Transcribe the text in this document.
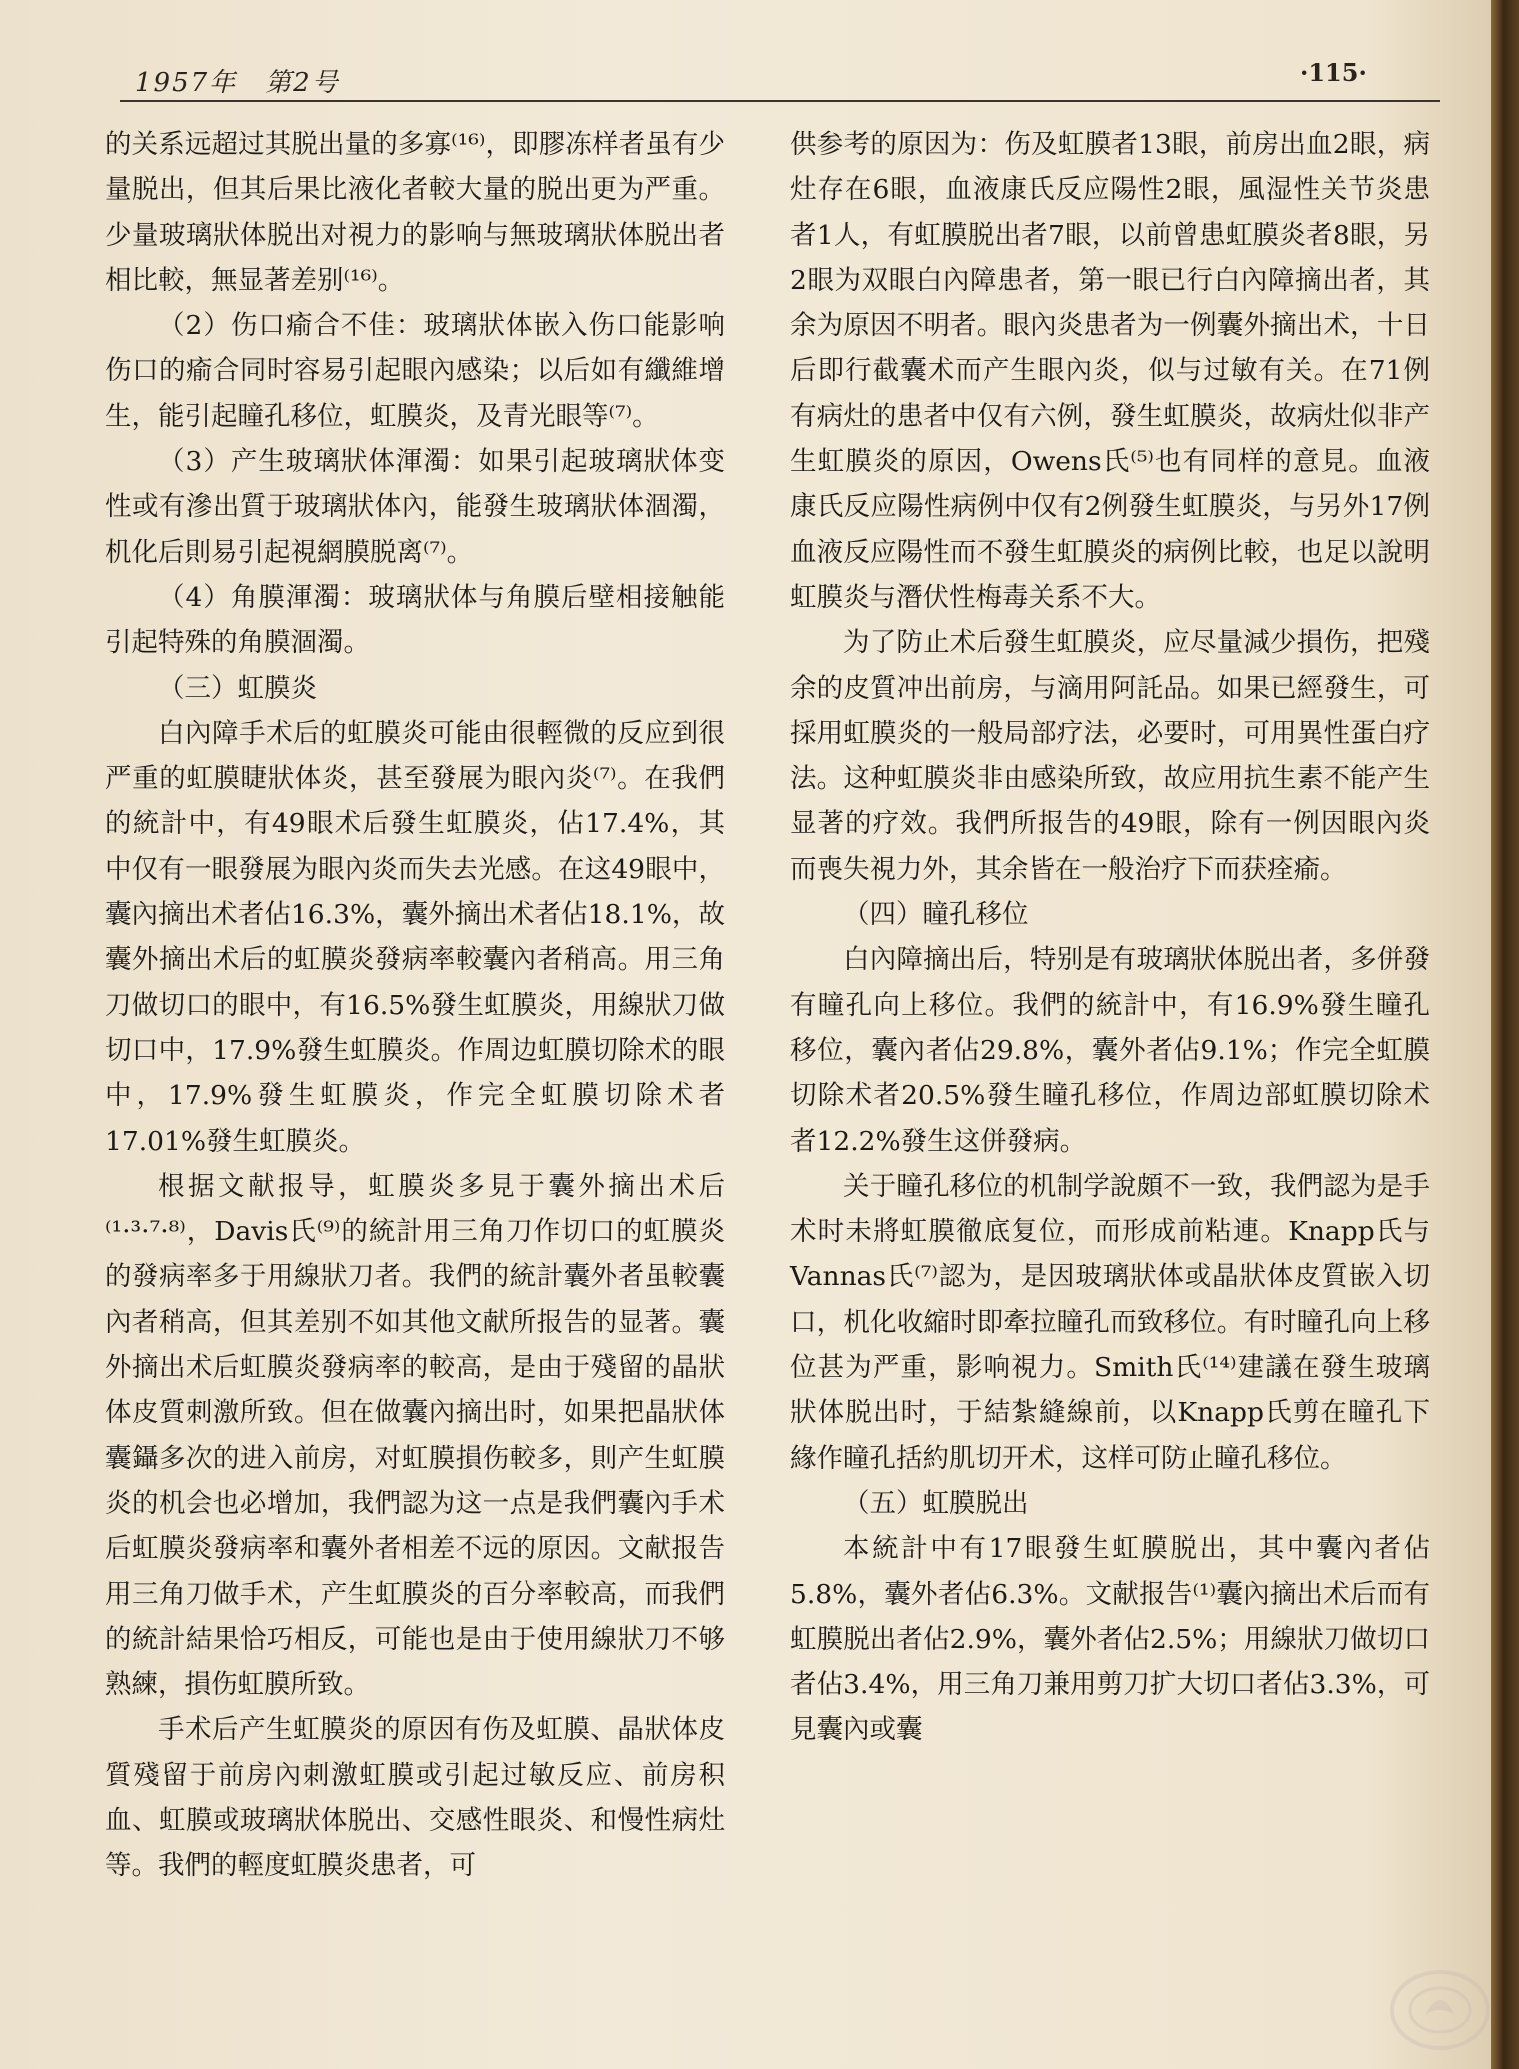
1957年　第2号	·115·
的关系远超过其脱出量的多寡⁽¹⁶⁾，即膠冻样者虽有少量脱出，但其后果比液化者較大量的脱出更为严重。少量玻璃狀体脱出对視力的影响与無玻璃狀体脱出者相比較，無显著差别⁽¹⁶⁾。
（2）伤口瘉合不佳：玻璃狀体嵌入伤口能影响伤口的瘉合同时容易引起眼內感染；以后如有纖維增生，能引起瞳孔移位，虹膜炎，及青光眼等⁽⁷⁾。
（3）产生玻璃狀体渾濁：如果引起玻璃狀体变性或有滲出質于玻璃狀体內，能發生玻璃狀体涸濁，机化后則易引起視網膜脱离⁽⁷⁾。
（4）角膜渾濁：玻璃狀体与角膜后壁相接触能引起特殊的角膜涸濁。
（三）虹膜炎
白內障手术后的虹膜炎可能由很輕微的反应到很严重的虹膜睫狀体炎，甚至發展为眼內炎⁽⁷⁾。在我們的統計中，有49眼术后發生虹膜炎，佔17.4%，其中仅有一眼發展为眼內炎而失去光感。在这49眼中，囊內摘出术者佔16.3%，囊外摘出术者佔18.1%，故囊外摘出术后的虹膜炎發病率較囊內者稍高。用三角刀做切口的眼中，有16.5%發生虹膜炎，用線狀刀做切口中，17.9%發生虹膜炎。作周边虹膜切除术的眼中，17.9%發生虹膜炎，作完全虹膜切除术者17.01%發生虹膜炎。
根据文献报导，虹膜炎多見于囊外摘出术后⁽¹·³·⁷·⁸⁾，Davis氏⁽⁹⁾的統計用三角刀作切口的虹膜炎的發病率多于用線狀刀者。我們的統計囊外者虽較囊內者稍高，但其差别不如其他文献所报告的显著。囊外摘出术后虹膜炎發病率的較高，是由于殘留的晶狀体皮質刺激所致。但在做囊內摘出时，如果把晶狀体囊鑷多次的进入前房，对虹膜損伤較多，則产生虹膜炎的机会也必增加，我們認为这一点是我們囊內手术后虹膜炎發病率和囊外者相差不远的原因。文献报告用三角刀做手术，产生虹膜炎的百分率較高，而我們的統計結果恰巧相反，可能也是由于使用線狀刀不够熟練，損伤虹膜所致。
手术后产生虹膜炎的原因有伤及虹膜、晶狀体皮質殘留于前房內刺激虹膜或引起过敏反应、前房积血、虹膜或玻璃狀体脱出、交感性眼炎、和慢性病灶等。我們的輕度虹膜炎患者，可
供参考的原因为：伤及虹膜者13眼，前房出血2眼，病灶存在6眼，血液康氏反应陽性2眼，風湿性关节炎患者1人，有虹膜脱出者7眼，以前曾患虹膜炎者8眼，另2眼为双眼白內障患者，第一眼已行白內障摘出者，其余为原因不明者。眼內炎患者为一例囊外摘出术，十日后即行截囊术而产生眼內炎，似与过敏有关。在71例有病灶的患者中仅有六例，發生虹膜炎，故病灶似非产生虹膜炎的原因，Owens氏⁽⁵⁾也有同样的意見。血液康氏反应陽性病例中仅有2例發生虹膜炎，与另外17例血液反应陽性而不發生虹膜炎的病例比較，也足以說明虹膜炎与潛伏性梅毒关系不大。
为了防止术后發生虹膜炎，应尽量減少損伤，把殘余的皮質冲出前房，与滴用阿託品。如果已經發生，可採用虹膜炎的一般局部疗法，必要时，可用異性蛋白疗法。这种虹膜炎非由感染所致，故应用抗生素不能产生显著的疗效。我們所报告的49眼，除有一例因眼內炎而喪失視力外，其余皆在一般治疗下而获痊瘉。
（四）瞳孔移位
白內障摘出后，特别是有玻璃狀体脱出者，多併發有瞳孔向上移位。我們的統計中，有16.9%發生瞳孔移位，囊內者佔29.8%，囊外者佔9.1%；作完全虹膜切除术者20.5%發生瞳孔移位，作周边部虹膜切除术者12.2%發生这併發病。
关于瞳孔移位的机制学說頗不一致，我們認为是手术时未將虹膜徹底复位，而形成前粘連。Knapp氏与Vannas氏⁽⁷⁾認为，是因玻璃狀体或晶狀体皮質嵌入切口，机化收縮时即牽拉瞳孔而致移位。有时瞳孔向上移位甚为严重，影响視力。Smith氏⁽¹⁴⁾建議在發生玻璃狀体脱出时，于結紮縫線前，以Knapp氏剪在瞳孔下緣作瞳孔括約肌切开术，这样可防止瞳孔移位。
（五）虹膜脱出
本統計中有17眼發生虹膜脱出，其中囊內者佔5.8%，囊外者佔6.3%。文献报告⁽¹⁾囊內摘出术后而有虹膜脱出者佔2.9%，囊外者佔2.5%；用線狀刀做切口者佔3.4%，用三角刀兼用剪刀扩大切口者佔3.3%，可見囊內或囊
